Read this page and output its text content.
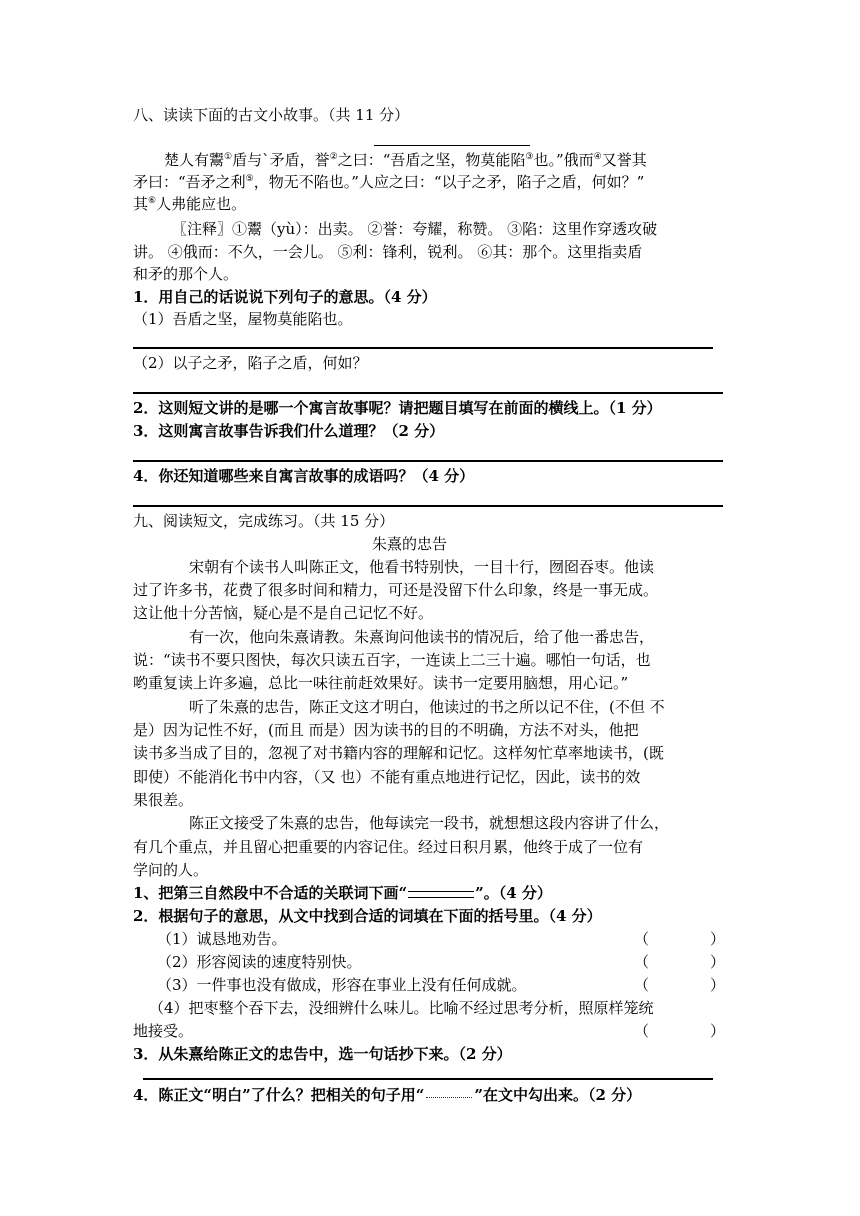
八、读读下面的古文小故事。（共 11 分）
楚人有鬻①盾与`矛盾，誉②之曰：“吾盾之坚，物莫能陷③也。”俄而④又誉其
矛曰：“吾矛之利⑤，物无不陷也。”人应之曰：“以子之矛，陷子之盾，何如？”
其⑥人弗能应也。
〖注释〗①鬻（yù）：出卖。 ②誉：夸耀，称赞。 ③陷：这里作穿透攻破
讲。 ④俄而：不久，一会儿。 ⑤利：锋利，锐利。 ⑥其：那个。这里指卖盾
和矛的那个人。
1．用自己的话说说下列句子的意思。（4 分）
（1）吾盾之坚，屋物莫能陷也。
（2）以子之矛，陷子之盾，何如？
2．这则短文讲的是哪一个寓言故事呢？请把题目填写在前面的横线上。（1 分）
3．这则寓言故事告诉我们什么道理？（2 分）
4．你还知道哪些来自寓言故事的成语吗？（4 分）
九、阅读短文，完成练习。（共 15 分）
朱熹的忠告
宋朝有个读书人叫陈正文，他看书特别快，一目十行，囫囵吞枣。他读
过了许多书，花费了很多时间和精力，可还是没留下什么印象，终是一事无成。
这让他十分苦恼，疑心是不是自己记忆不好。
有一次，他向朱熹请教。朱熹询问他读书的情况后，给了他一番忠告，
说：“读书不要只图快，每次只读五百字，一连读上二三十遍。哪怕一句话，也
哟重复读上许多遍，总比一味往前赶效果好。读书一定要用脑想，用心记。”
听了朱熹的忠告，陈正文这才明白，他读过的书之所以记不住，(不但 不
是）因为记性不好，(而且 而是）因为读书的目的不明确，方法不对头，他把
读书多当成了目的，忽视了对书籍内容的理解和记忆。这样匆忙草率地读书，(既
即使）不能消化书中内容，（又 也）不能有重点地进行记忆，因此，读书的效
果很差。
陈正文接受了朱熹的忠告，他每读完一段书，就想想这段内容讲了什么，
有几个重点，并且留心把重要的内容记住。经过日积月累，他终于成了一位有
学问的人。
1、把第三自然段中不合适的关联词下画“	”。（4 分）
2．根据句子的意思，从文中找到合适的词填在下面的括号里。（4 分）
（1）诚恳地劝告。	（	）
（2）形容阅读的速度特别快。	（	）
（3）一件事也没有做成，形容在事业上没有任何成就。	（	）
（4）把枣整个吞下去，没细辨什么味儿。比喻不经过思考分析，照原样笼统
地接受。	（	）
3．从朱熹给陈正文的忠告中，选一句话抄下来。（2 分）
4．陈正文“明白”了什么？把相关的句子用“	”在文中勾出来。（2 分）
